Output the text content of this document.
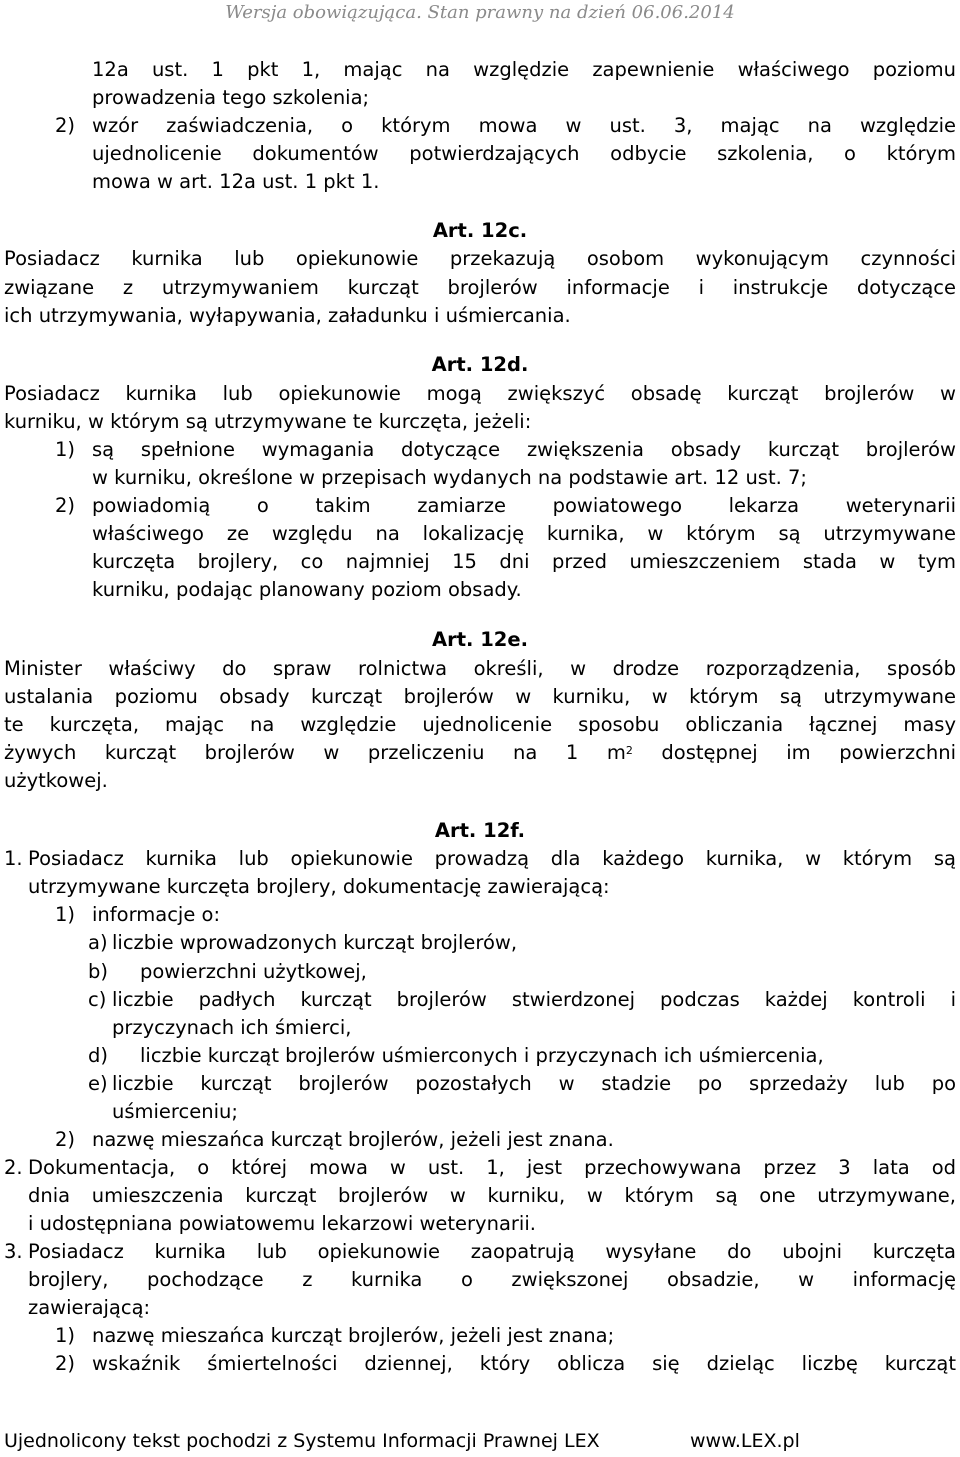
Wersja obowiązująca. Stan prawny na dzień 06.06.2014
12a ust. 1 pkt 1, mając na względzie zapewnienie właściwego poziomu
prowadzenia tego szkolenia;
2) wzór zaświadczenia, o którym mowa w ust. 3, mając na względzie
ujednolicenie dokumentów potwierdzających odbycie szkolenia, o którym
mowa w art. 12a ust. 1 pkt 1.
Art. 12c.
Posiadacz kurnika lub opiekunowie przekazują osobom wykonującym czynności
związane z utrzymywaniem kurcząt brojlerów informacje i instrukcje dotyczące
ich utrzymywania, wyłapywania, załadunku i uśmiercania.
Art. 12d.
Posiadacz kurnika lub opiekunowie mogą zwiększyć obsadę kurcząt brojlerów w
kurniku, w którym są utrzymywane te kurczęta, jeżeli:
1) są spełnione wymagania dotyczące zwiększenia obsady kurcząt brojlerów
w kurniku, określone w przepisach wydanych na podstawie art. 12 ust. 7;
2) powiadomią o takim zamiarze powiatowego lekarza weterynarii
właściwego ze względu na lokalizację kurnika, w którym są utrzymywane
kurczęta brojlery, co najmniej 15 dni przed umieszczeniem stada w tym
kurniku, podając planowany poziom obsady.
Art. 12e.
Minister właściwy do spraw rolnictwa określi, w drodze rozporządzenia, sposób
ustalania poziomu obsady kurcząt brojlerów w kurniku, w którym są utrzymywane
te kurczęta, mając na względzie ujednolicenie sposobu obliczania łącznej masy
żywych kurcząt brojlerów w przeliczeniu na 1 $m^2$ dostępnej im powierzchni
użytkowej.
Art. 12f.
1. Posiadacz kurnika lub opiekunowie prowadzą dla każdego kurnika, w którym są
utrzymywane kurczęta brojlery, dokumentację zawierającą:
1) informacje o:
a) liczbie wprowadzonych kurcząt brojlerów,
b) powierzchni użytkowej,
c) liczbie padłych kurcząt brojlerów stwierdzonej podczas każdej kontroli i
przyczynach ich śmierci,
d) liczbie kurcząt brojlerów uśmierconych i przyczynach ich uśmiercenia,
e) liczbie kurcząt brojlerów pozostałych w stadzie po sprzedaży lub po
uśmierceniu;
2) nazwę mieszańca kurcząt brojlerów, jeżeli jest znana.
2. Dokumentacja, o której mowa w ust. 1, jest przechowywana przez 3 lata od
dnia umieszczenia kurcząt brojlerów w kurniku, w którym są one utrzymywane,
i udostępniana powiatowemu lekarzowi weterynarii.
3. Posiadacz kurnika lub opiekunowie zaopatrują wysyłane do ubojni kurczęta
brojlery, pochodzące z kurnika o zwiększonej obsadzie, w informację
zawierającą:
1) nazwę mieszańca kurcząt brojlerów, jeżeli jest znana;
2) wskaźnik śmiertelności dziennej, który oblicza się dzieląc liczbę kurcząt
Ujednolicony tekst pochodzi z Systemu Informacji Prawnej LEX	www.LEX.pl
